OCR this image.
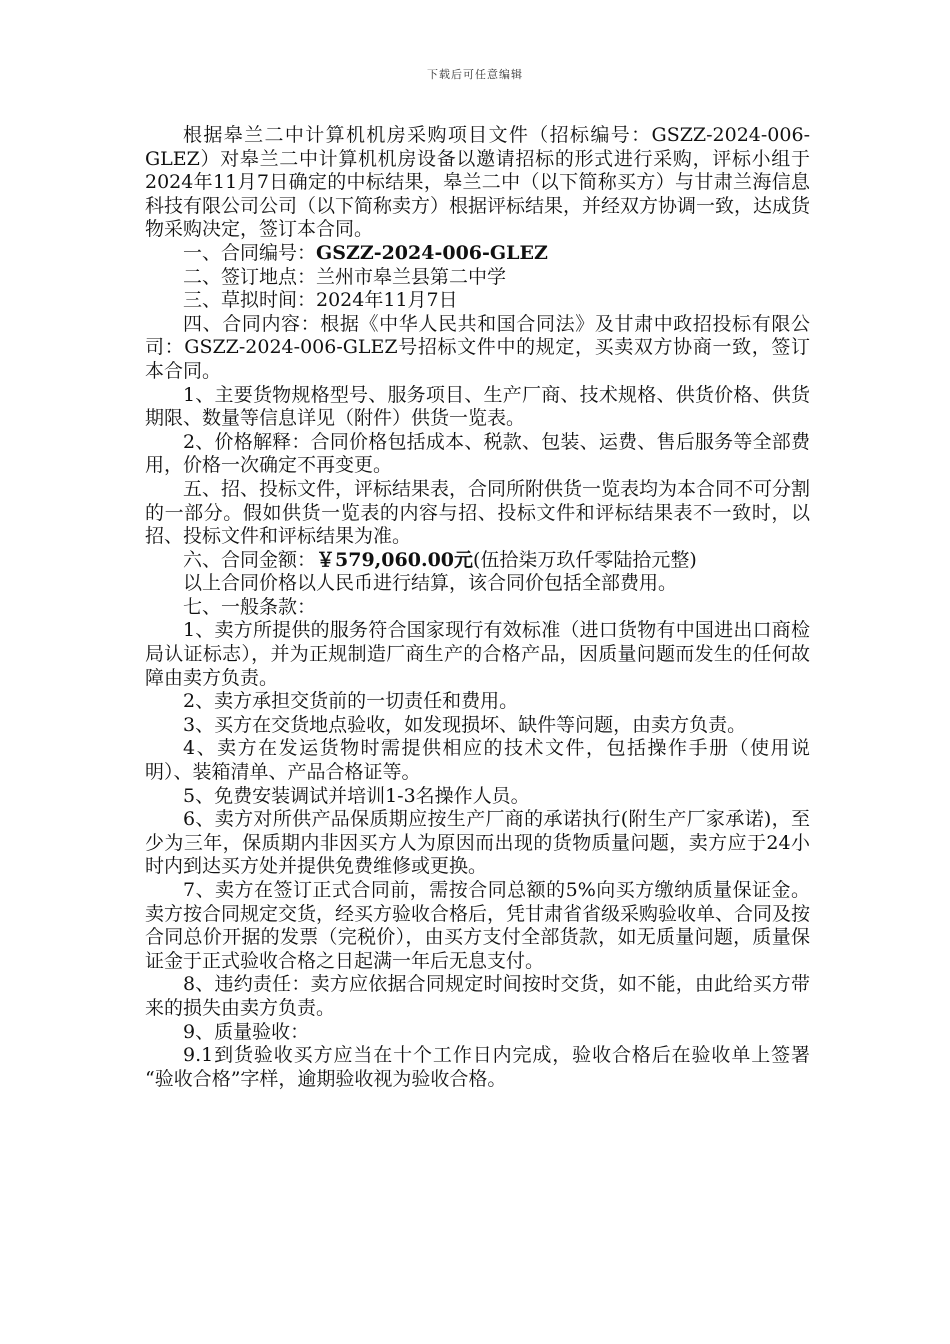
下载后可任意编辑

根据皋兰二中计算机机房采购项目文件（招标编号：GSZZ-2024-006-GLEZ）对皋兰二中计算机机房设备以邀请招标的形式进行采购，评标小组于2024年11月7日确定的中标结果，皋兰二中（以下简称买方）与甘肃兰海信息科技有限公司公司（以下简称卖方）根据评标结果，并经双方协调一致，达成货物采购决定，签订本合同。

一、合同编号：GSZZ-2024-006-GLEZ

二、签订地点：兰州市皋兰县第二中学

三、草拟时间：2024年11月7日

四、合同内容：根据《中华人民共和国合同法》及甘肃中政招投标有限公司：GSZZ-2024-006-GLEZ号招标文件中的规定，买卖双方协商一致，签订本合同。

1、主要货物规格型号、服务项目、生产厂商、技术规格、供货价格、供货期限、数量等信息详见（附件）供货一览表。

2、价格解释：合同价格包括成本、税款、包装、运费、售后服务等全部费用，价格一次确定不再变更。

五、招、投标文件，评标结果表，合同所附供货一览表均为本合同不可分割的一部分。假如供货一览表的内容与招、投标文件和评标结果表不一致时，以招、投标文件和评标结果为准。

六、合同金额：￥579,060.00元(伍拾柒万玖仟零陆拾元整)

以上合同价格以人民币进行结算，该合同价包括全部费用。

七、一般条款：

1、卖方所提供的服务符合国家现行有效标准（进口货物有中国进出口商检局认证标志），并为正规制造厂商生产的合格产品，因质量问题而发生的任何故障由卖方负责。

2、卖方承担交货前的一切责任和费用。

3、买方在交货地点验收，如发现损坏、缺件等问题，由卖方负责。

4、卖方在发运货物时需提供相应的技术文件，包括操作手册（使用说明）、装箱清单、产品合格证等。

5、免费安装调试并培训1-3名操作人员。

6、卖方对所供产品保质期应按生产厂商的承诺执行(附生产厂家承诺)，至少为三年，保质期内非因买方人为原因而出现的货物质量问题，卖方应于24小时内到达买方处并提供免费维修或更换。

7、卖方在签订正式合同前，需按合同总额的5%向买方缴纳质量保证金。卖方按合同规定交货，经买方验收合格后，凭甘肃省省级采购验收单、合同及按合同总价开据的发票（完税价），由买方支付全部货款，如无质量问题，质量保证金于正式验收合格之日起满一年后无息支付。

8、违约责任：卖方应依据合同规定时间按时交货，如不能，由此给买方带来的损失由卖方负责。

9、质量验收：

9.1到货验收买方应当在十个工作日内完成，验收合格后在验收单上签署 “验收合格”字样，逾期验收视为验收合格。
